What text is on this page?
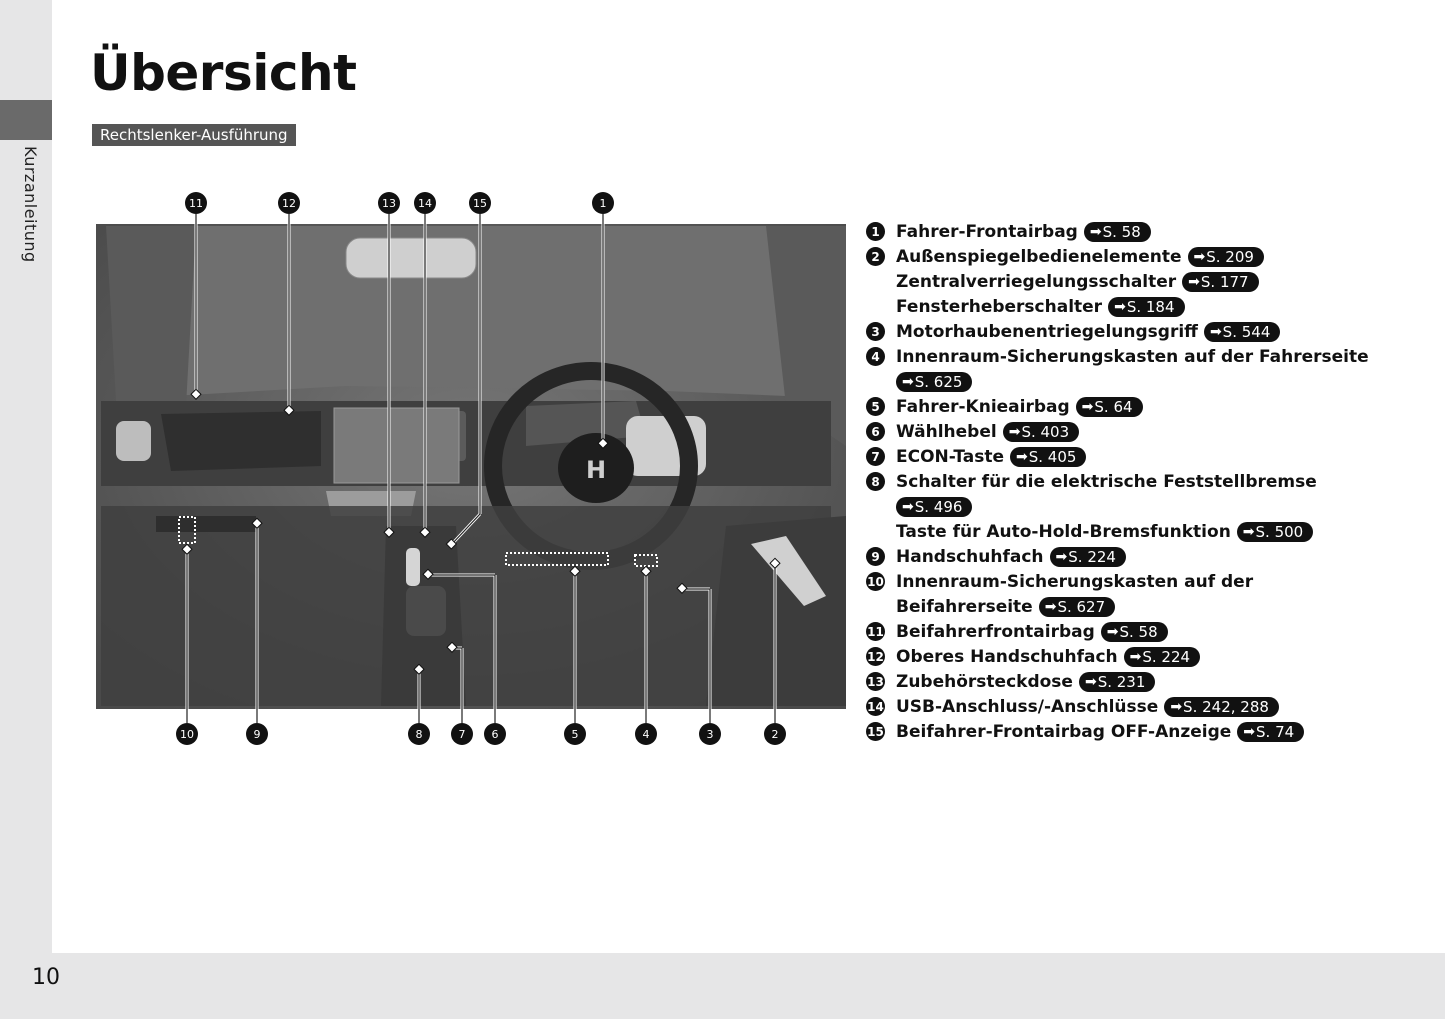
Kurzanleitung
10
Übersicht
Rechtslenker-Ausführung
H
11	12	13 14	15	1
10	9	8	7 6	5	4	3	2
1 Fahrer-Frontairbag ➡ S. 58
2 Außenspiegelbedienelemente ➡ S. 209
Zentralverriegelungsschalter ➡ S. 177
Fensterheberschalter ➡ S. 184
3 Motorhaubenentriegelungsgriff ➡ S. 544
4 Innenraum-Sicherungskasten auf der Fahrerseite
➡ S. 625
5 Fahrer-Knieairbag ➡ S. 64
6 Wählhebel ➡ S. 403
7 ECON-Taste ➡ S. 405
8 Schalter für die elektrische Feststellbremse
➡ S. 496
Taste für Auto-Hold-Bremsfunktion ➡ S. 500
9 Handschuhfach ➡ S. 224
10 Innenraum-Sicherungskasten auf der
Beifahrerseite ➡ S. 627
11 Beifahrerfrontairbag ➡ S. 58
12 Oberes Handschuhfach ➡ S. 224
13 Zubehörsteckdose ➡ S. 231
14 USB-Anschluss/-Anschlüsse ➡ S. 242, 288
15 Beifahrer-Frontairbag OFF-Anzeige ➡ S. 74
